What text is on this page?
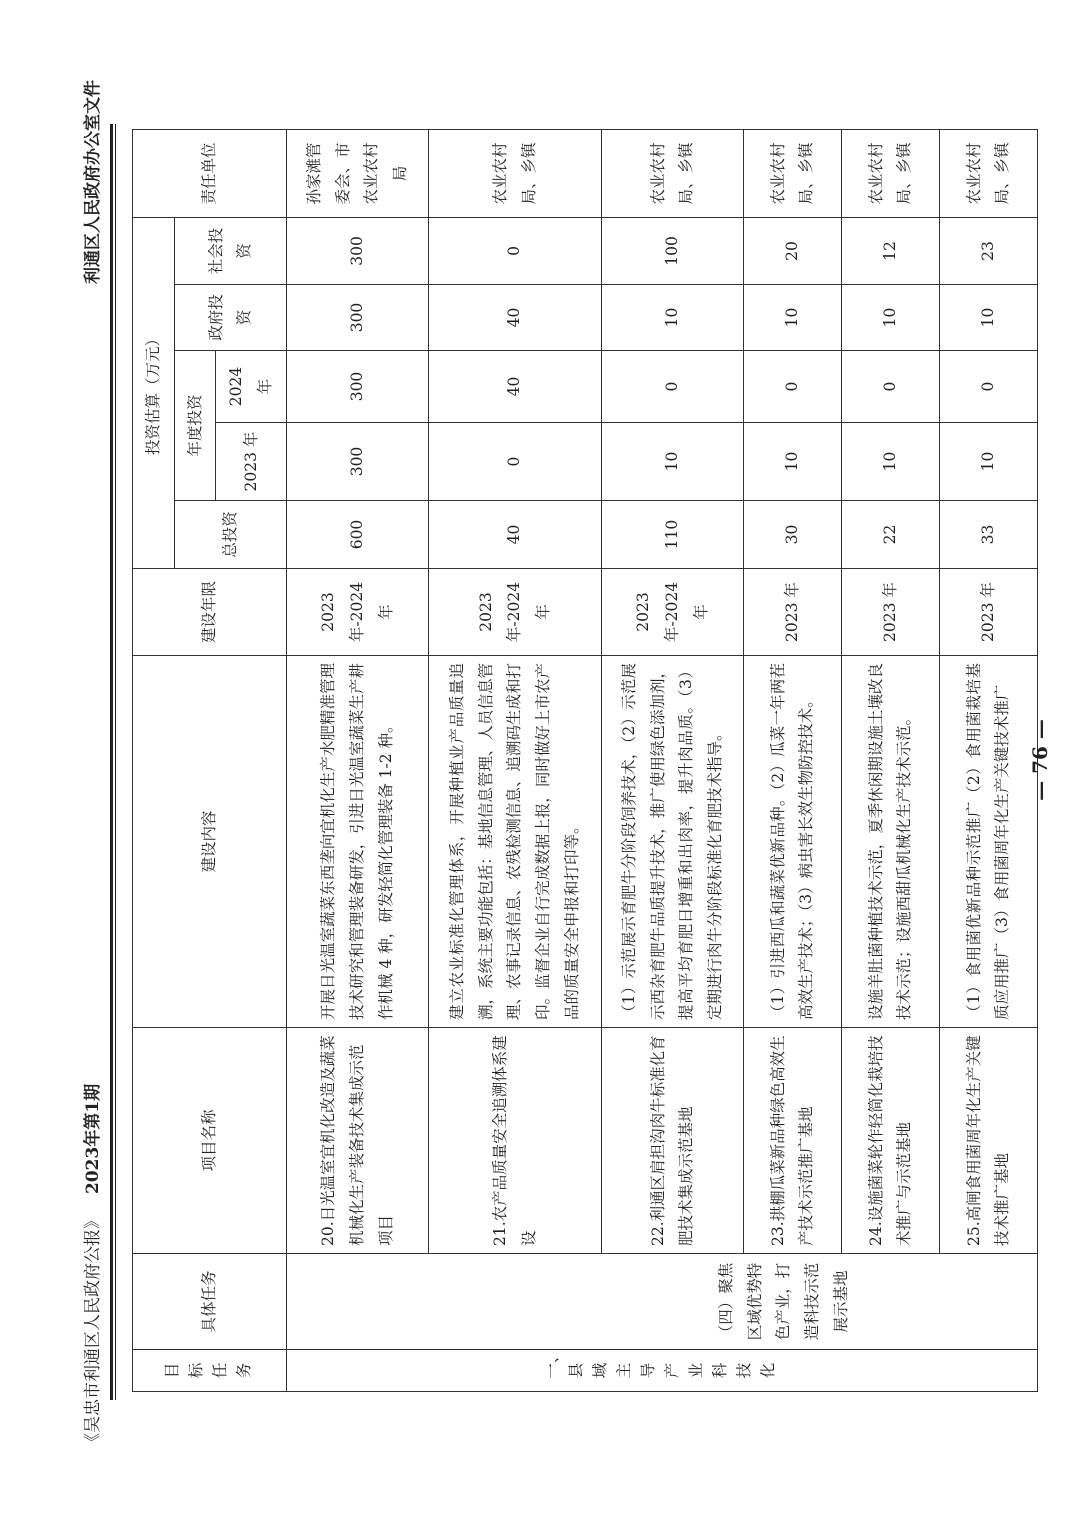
《吴忠市利通区人民政府公报》2023年第1期
利通区人民政府办公室文件
目标任务	具体任务	项目名称	建设内容	建设年限	投资估算（万元）					责任单位
					总投资	年度投资		政府投资	社会投资	
						2023 年	2024 年			
一、县域主导产业科技化	（四）聚焦区域优势特色产业，打造科技示范展示基地	20.日光温室宜机化改造及蔬菜机械化生产装备技术集成示范项目	开展日光温室蔬菜东西垄向宜机化生产水肥精准管理技术研究和管理装备研发，引进日光温室蔬菜生产耕作机械 4 种，研发轻简化管理装备 1-2 种。	2023 年-2024 年	600	300	300	300	300	孙家滩管委会、市农业农村局
		21.农产品质量安全追溯体系建设	建立农业标准化管理体系，开展种植业产品质量追溯，系统主要功能包括：基地信息管理、人员信息管理、农事记录信息、农残检测信息、追溯码生成和打印。监督企业自行完成数据上报，同时做好上市农产品的质量安全申报和打印等。	2023 年-2024 年	40	0	40	40	0	农业农村局、乡镇
		22.利通区肩担沟肉牛标准化育肥技术集成示范基地	（1）示范展示育肥牛分阶段饲养技术，（2）示范展示西杂育肥牛品质提升技术，推广使用绿色添加剂，提高平均育肥日增重和出肉率，提升肉品质。（3）定期进行肉牛分阶段标准化育肥技术指导。	2023 年-2024 年	110	10	0	10	100	农业农村局、乡镇
		23.拱棚瓜菜新品种绿色高效生产技术示范推广基地	（1）引进西瓜和蔬菜优新品种。（2）瓜菜一年两茬高效生产技术；（3）病虫害长效生物防控技术。	2023 年	30	10	0	10	20	农业农村局、乡镇
		24.设施菌菜轮作轻简化栽培技术推广与示范基地	设施羊肚菌种植技术示范，夏季休闲期设施土壤改良技术示范；设施西甜瓜机械化生产技术示范。	2023 年	22	10	0	10	12	农业农村局、乡镇
		25.高闸食用菌周年化生产关键技术推广基地	（1）食用菌优新品种示范推广（2）食用菌栽培基质应用推广（3）食用菌周年化生产关键技术推广	2023 年	33	10	0	10	23	农业农村局、乡镇
— 76 —
